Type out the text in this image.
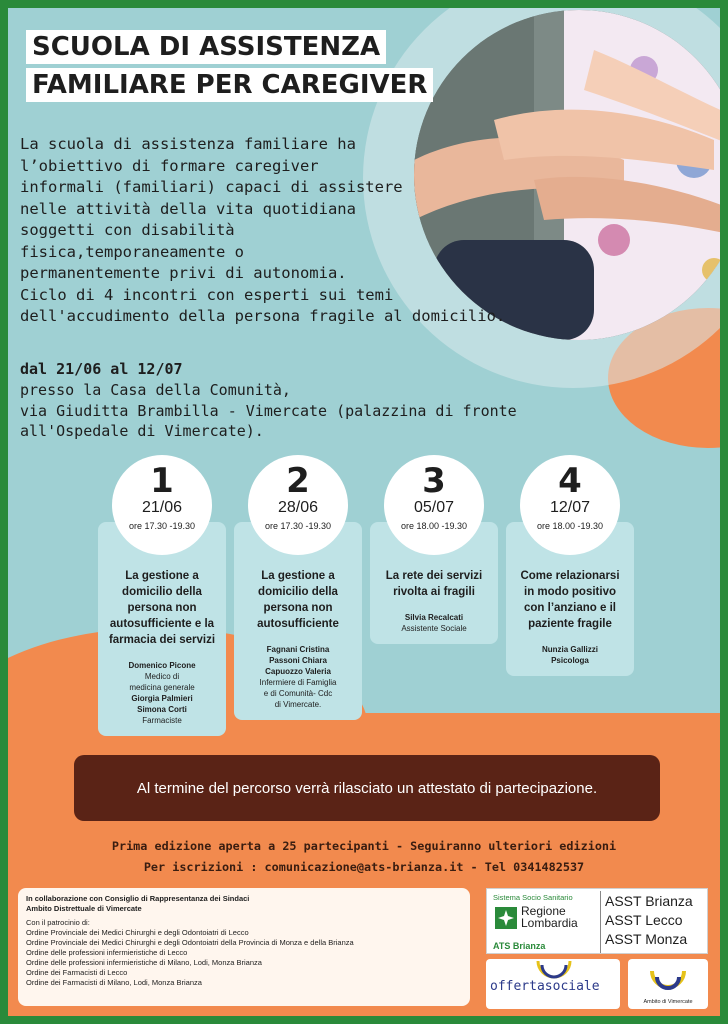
SCUOLA DI ASSISTENZA
FAMILIARE PER CAREGIVER
La scuola di assistenza familiare ha
l’obiettivo di formare caregiver
informali (familiari) capaci di assistere
nelle attività della vita quotidiana
soggetti con disabilità
fisica,temporaneamente o
permanentemente privi di autonomia.
Ciclo di 4 incontri con esperti sui temi
dell'accudimento della persona fragile al domicilio.
dal 21/06 al 12/07
presso la Casa della Comunità,
via Giuditta Brambilla - Vimercate (palazzina di fronte
all'Ospedale di Vimercate).
La gestione a domicilio della persona non autosufficiente e la farmacia dei servizi
Domenico Picone
Medico di
medicina generale
Giorgia Palmieri
Simona Corti
Farmaciste
1
21/06
ore 17.30 -19.30
La gestione a domicilio della persona non autosufficiente
Fagnani Cristina
Passoni Chiara
Capuozzo Valeria
Infermiere di Famiglia
e di Comunità- Cdc
di Vimercate.
2
28/06
ore 17.30 -19.30
La rete dei servizi rivolta ai fragili
Silvia Recalcati
Assistente Sociale
3
05/07
ore 18.00 -19.30
Come relazionarsi in modo positivo con l’anziano e il paziente fragile
Nunzia Gallizzi
Psicologa
4
12/07
ore 18.00 -19.30
Al termine del percorso verrà rilasciato un attestato di partecipazione.
Prima edizione aperta a 25 partecipanti - Seguiranno ulteriori edizioni
Per iscrizioni : comunicazione@ats-brianza.it - Tel 0341482537
In collaborazione con Consiglio di Rappresentanza dei Sindaci
Ambito Distrettuale di Vimercate
Con il patrocinio di:
Ordine Provinciale dei Medici Chirurghi e degli Odontoiatri di Lecco
Ordine Provinciale dei Medici Chirurghi e degli Odontoiatri della Provincia di Monza e della Brianza
Ordine delle professioni infermieristiche di Lecco
Ordine delle professioni infermieristiche di Milano, Lodi, Monza Brianza
Ordine dei Farmacisti di Lecco
Ordine dei Farmacisti di Milano, Lodi, Monza Brianza
Sistema Socio Sanitario
Regione
Lombardia
ATS Brianza
ASST Brianza
ASST Lecco
ASST Monza
offertasociale
Ambito di Vimercate
